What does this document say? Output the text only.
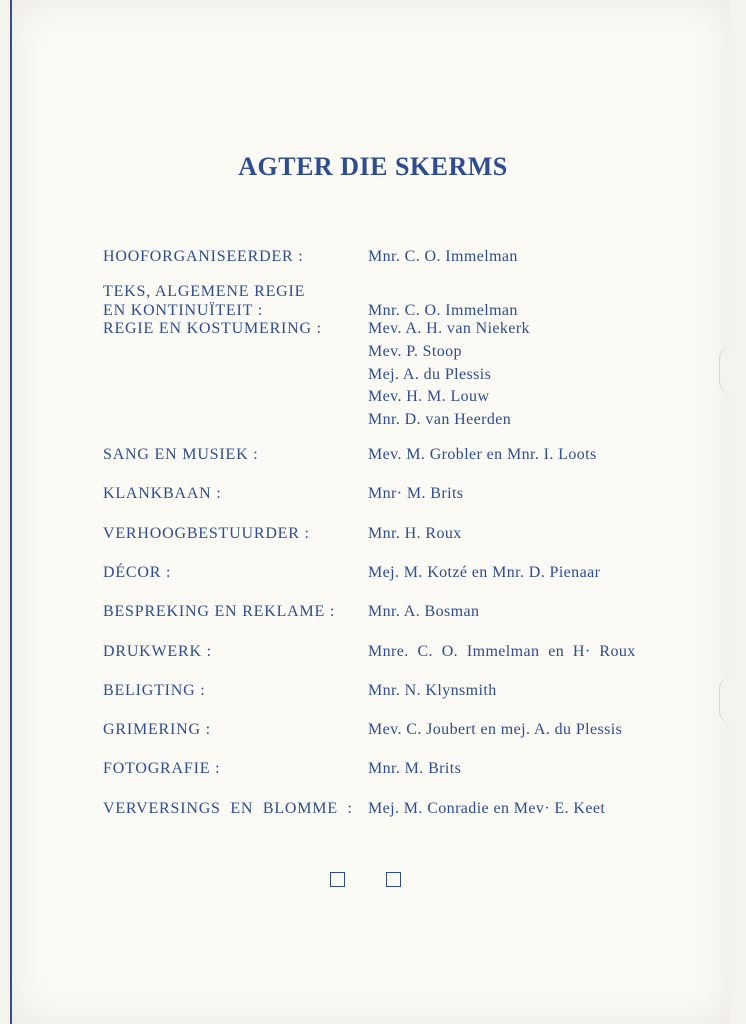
AGTER DIE SKERMS
HOOFORGANISEERDER :	Mnr. C. O. Immelman
TEKS, ALGEMENE REGIE
EN KONTINUÏTEIT :	Mnr. C. O. Immelman
REGIE EN KOSTUMERING :	Mev. A. H. van Niekerk
Mev. P. Stoop
Mej. A. du Plessis
Mev. H. M. Louw
Mnr. D. van Heerden
SANG EN MUSIEK :	Mev. M. Grobler en Mnr. I. Loots
KLANKBAAN :	Mnr· M. Brits
VERHOOGBESTUURDER :	Mnr. H. Roux
DÉCOR :	Mej. M. Kotzé en Mnr. D. Pienaar
BESPREKING EN REKLAME : Mnr. A. Bosman
DRUKWERK :	Mnre.  C.  O.  Immelman  en  H·  Roux
BELIGTING :	Mnr. N. Klynsmith
GRIMERING :	Mev. C. Joubert en mej. A. du Plessis
FOTOGRAFIE :	Mnr. M. Brits
VERVERSINGS  EN  BLOMME  : Mej. M. Conradie en Mev· E. Keet
